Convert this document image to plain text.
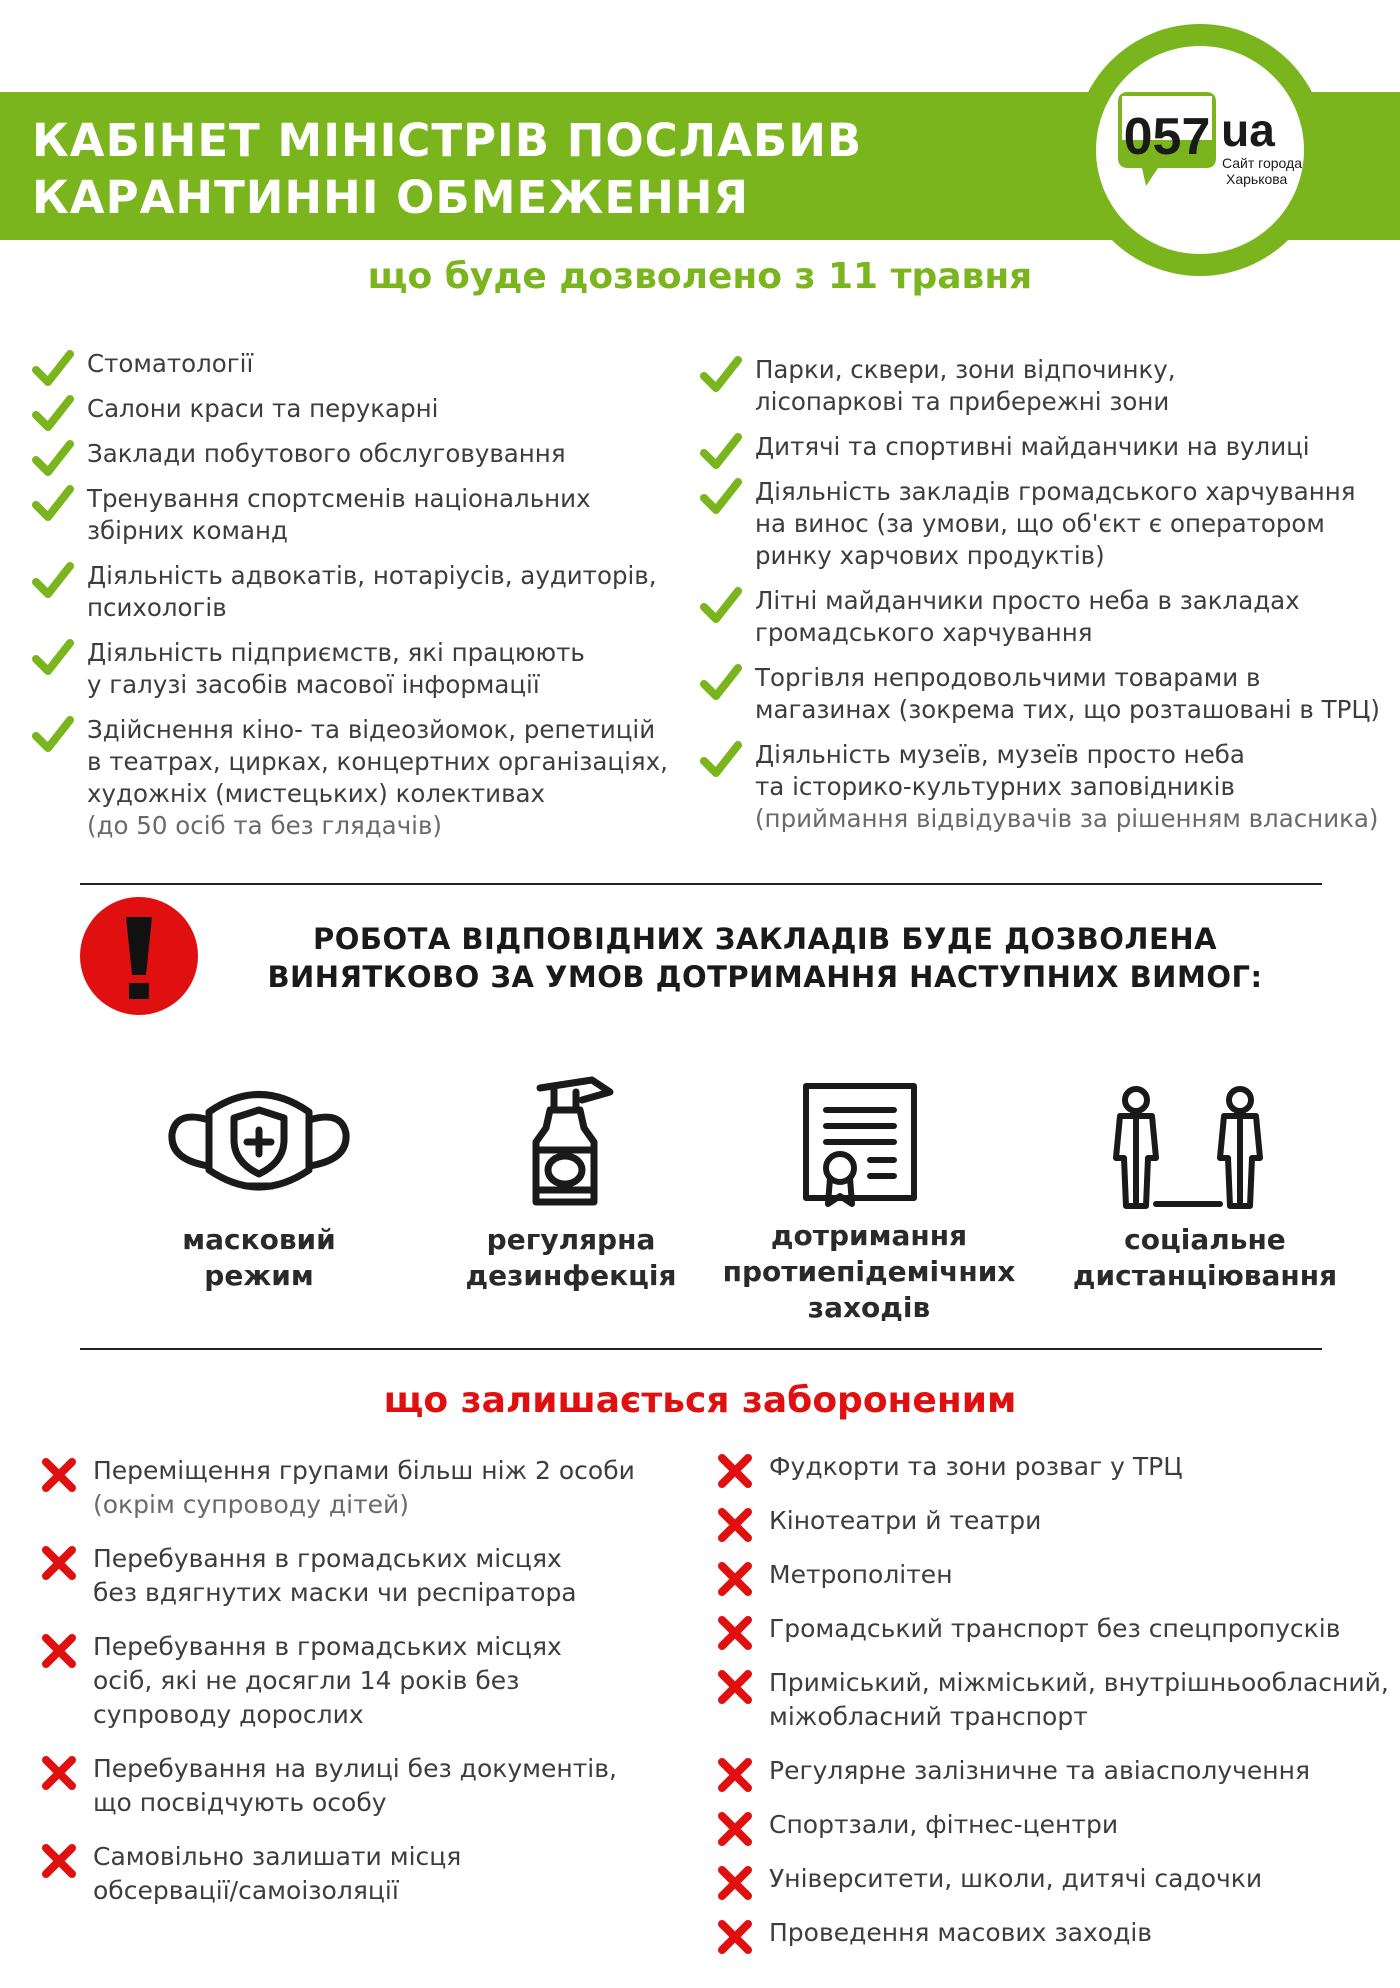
КАБІНЕТ МІНІСТРІВ ПОСЛАБИВ
КАРАНТИННІ ОБМЕЖЕННЯ
057 ua
Сайт города
Харькова
що буде дозволено з 11 травня
Стоматології
Салони краси та перукарні
Заклади побутового обслуговування
Тренування спортсменів національних
збірних команд
Діяльність адвокатів, нотаріусів, аудиторів,
психологів
Діяльність підприємств, які працюють
у галузі засобів масової інформації
Здійснення кіно- та відеозйомок, репетицій
в театрах, цирках, концертних організаціях,
художніх (мистецьких) колективах
(до 50 осіб та без глядачів)
Парки, сквери, зони відпочинку,
лісопаркові та прибережні зони
Дитячі та спортивні майданчики на вулиці
Діяльність закладів громадського харчування
на винос (за умови, що об'єкт є оператором
ринку харчових продуктів)
Літні майданчики просто неба в закладах
громадського харчування
Торгівля непродовольчими товарами в
магазинах (зокрема тих, що розташовані в ТРЦ)
Діяльність музеїв, музеїв просто неба
та історико-культурних заповідників
(приймання відвідувачів за рішенням власника)

РОБОТА ВІДПОВІДНИХ ЗАКЛАДІВ БУДЕ ДОЗВОЛЕНА
ВИНЯТКОВО ЗА УМОВ ДОТРИМАННЯ НАСТУПНИХ ВИМОГ:

масковий
режим
регулярна
дезинфекція
дотримання
протиепідемічних
заходів
соціальне
дистанціювання
що залишається забороненим
Переміщення групами більш ніж 2 особи
(окрім супроводу дітей)
Перебування в громадських місцях
без вдягнутих маски чи респіратора
Перебування в громадських місцях
осіб, які не досягли 14 років без
супроводу дорослих
Перебування на вулиці без документів,
що посвідчують особу
Самовільно залишати місця
обсервації/самоізоляції
Фудкорти та зони розваг у ТРЦ
Кінотеатри й театри
Метрополітен
Громадський транспорт без спецпропусків
Приміський, міжміський, внутрішньообласний,
міжобласний транспорт
Регулярне залізничне та авіасполучення
Спортзали, фітнес-центри
Університети, школи, дитячі садочки
Проведення масових заходів
